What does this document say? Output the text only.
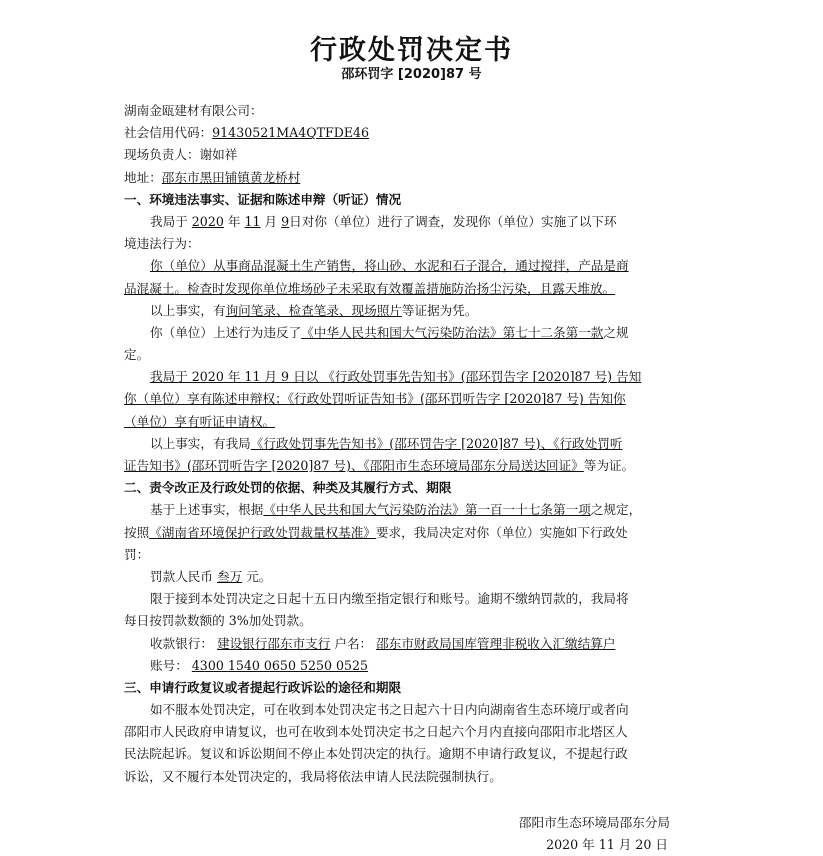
行政处罚决定书
邵环罚字 [2020]87 号
湖南金瓯建材有限公司：
社会信用代码：91430521MA4QTFDE46
现场负责人：谢如祥
地址：邵东市黑田铺镇黄龙桥村
一、环境违法事实、证据和陈述申辩（听证）情况
我局于 2020 年 11 月 9日对你（单位）进行了调查，发现你（单位）实施了以下环
境违法行为：
你（单位）从事商品混凝土生产销售，将山砂、水泥和石子混合，通过搅拌，产品是商
品混凝土。检查时发现你单位堆场砂子未采取有效覆盖措施防治扬尘污染，且露天堆放。
以上事实，有询问笔录、检查笔录、现场照片等证据为凭。
你（单位）上述行为违反了《中华人民共和国大气污染防治法》第七十二条第一款之规
定。
我局于 2020 年 11 月 9 日以 《行政处罚事先告知书》(邵环罚告字 [2020]87 号) 告知
你（单位）享有陈述申辩权；《行政处罚听证告知书》(邵环罚听告字 [2020]87 号) 告知你
（单位）享有听证申请权。
以上事实，有我局《行政处罚事先告知书》(邵环罚告字 [2020]87 号)、《行政处罚听
证告知书》(邵环罚听告字 [2020]87 号)、《邵阳市生态环境局邵东分局送达回证》等为证。
二、责令改正及行政处罚的依据、种类及其履行方式、期限
基于上述事实，根据《中华人民共和国大气污染防治法》第一百一十七条第一项之规定，
按照《湖南省环境保护行政处罚裁量权基准》要求，我局决定对你（单位）实施如下行政处
罚：
罚款人民币 叁万 元。
限于接到本处罚决定之日起十五日内缴至指定银行和账号。逾期不缴纳罚款的，我局将
每日按罚款数额的 3%加处罚款。
收款银行： 建设银行邵东市支行 户名： 邵东市财政局国库管理非税收入汇缴结算户
账号： 4300 1540 0650 5250 0525
三、申请行政复议或者提起行政诉讼的途径和期限
如不服本处罚决定，可在收到本处罚决定书之日起六十日内向湖南省生态环境厅或者向
邵阳市人民政府申请复议，也可在收到本处罚决定书之日起六个月内直接向邵阳市北塔区人
民法院起诉。复议和诉讼期间不停止本处罚决定的执行。逾期不申请行政复议，不提起行政
诉讼，又不履行本处罚决定的，我局将依法申请人民法院强制执行。
邵阳市生态环境局邵东分局
2020 年 11 月 20 日
